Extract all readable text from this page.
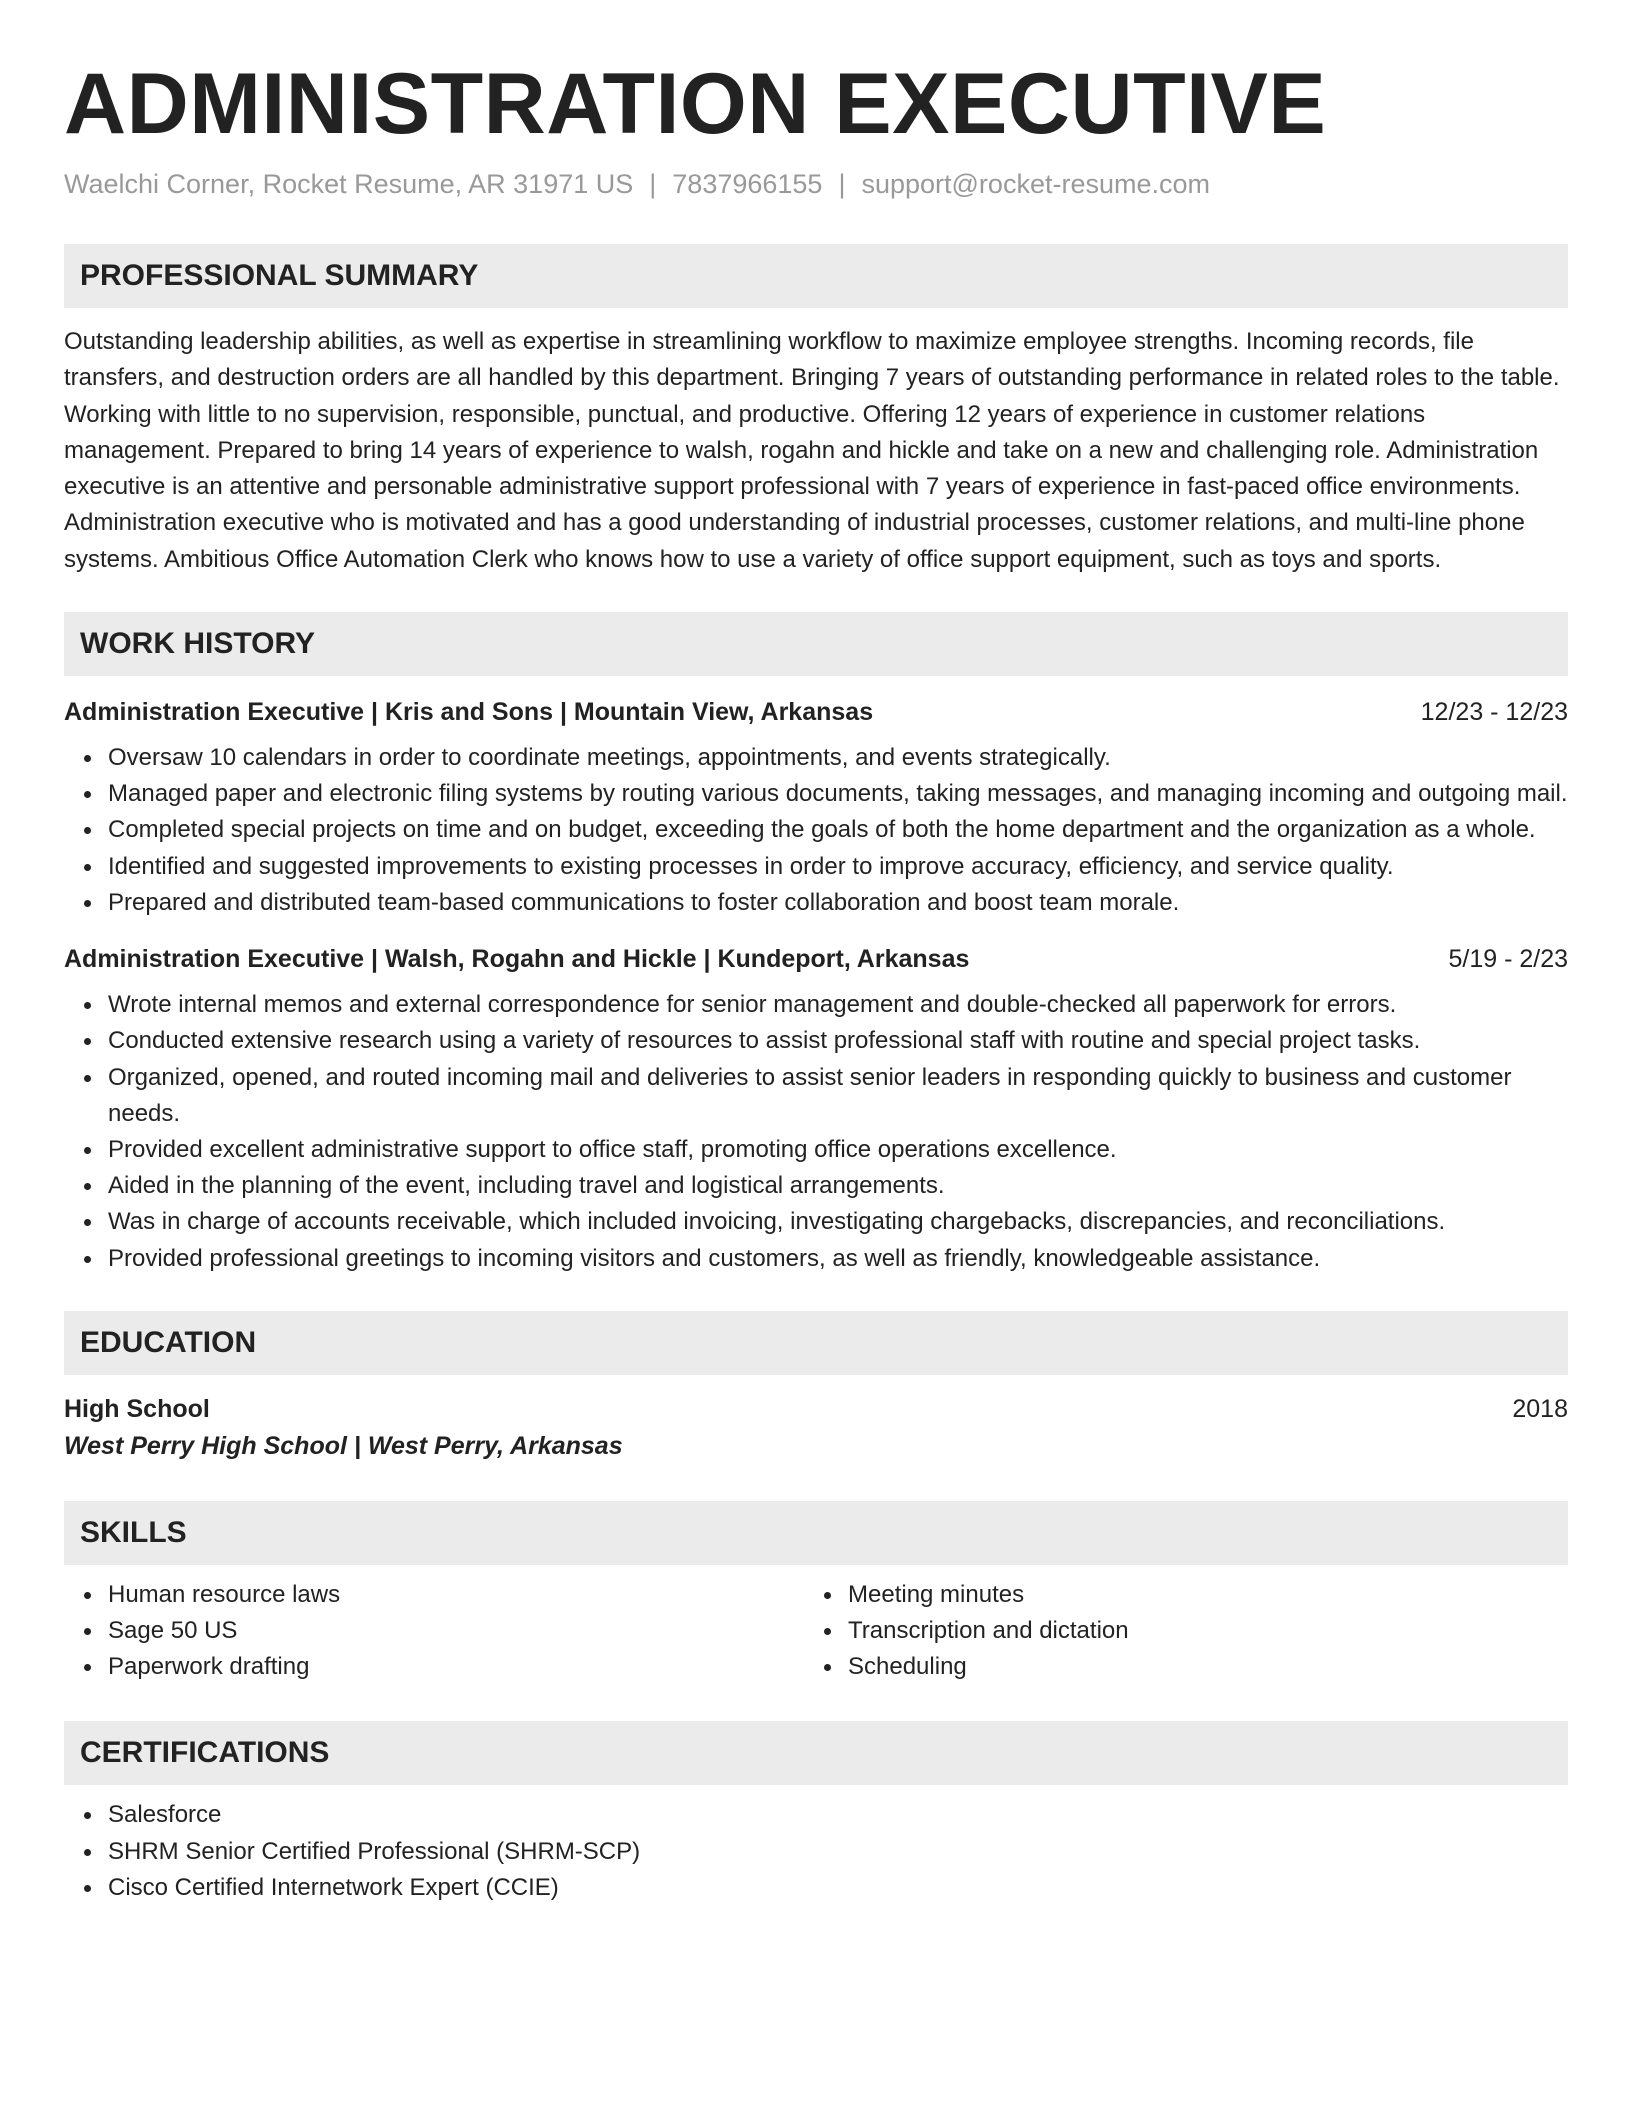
ADMINISTRATION EXECUTIVE
Waelchi Corner, Rocket Resume, AR 31971 US | 7837966155 | support@rocket-resume.com
PROFESSIONAL SUMMARY
Outstanding leadership abilities, as well as expertise in streamlining workflow to maximize employee strengths. Incoming records, file transfers, and destruction orders are all handled by this department. Bringing 7 years of outstanding performance in related roles to the table. Working with little to no supervision, responsible, punctual, and productive. Offering 12 years of experience in customer relations management. Prepared to bring 14 years of experience to walsh, rogahn and hickle and take on a new and challenging role. Administration executive is an attentive and personable administrative support professional with 7 years of experience in fast-paced office environments. Administration executive who is motivated and has a good understanding of industrial processes, customer relations, and multi-line phone systems. Ambitious Office Automation Clerk who knows how to use a variety of office support equipment, such as toys and sports.
WORK HISTORY
Administration Executive | Kris and Sons | Mountain View, Arkansas	12/23 - 12/23
Oversaw 10 calendars in order to coordinate meetings, appointments, and events strategically.
Managed paper and electronic filing systems by routing various documents, taking messages, and managing incoming and outgoing mail.
Completed special projects on time and on budget, exceeding the goals of both the home department and the organization as a whole.
Identified and suggested improvements to existing processes in order to improve accuracy, efficiency, and service quality.
Prepared and distributed team-based communications to foster collaboration and boost team morale.
Administration Executive | Walsh, Rogahn and Hickle | Kundeport, Arkansas	5/19 - 2/23
Wrote internal memos and external correspondence for senior management and double-checked all paperwork for errors.
Conducted extensive research using a variety of resources to assist professional staff with routine and special project tasks.
Organized, opened, and routed incoming mail and deliveries to assist senior leaders in responding quickly to business and customer needs.
Provided excellent administrative support to office staff, promoting office operations excellence.
Aided in the planning of the event, including travel and logistical arrangements.
Was in charge of accounts receivable, which included invoicing, investigating chargebacks, discrepancies, and reconciliations.
Provided professional greetings to incoming visitors and customers, as well as friendly, knowledgeable assistance.
EDUCATION
High School	2018
West Perry High School | West Perry, Arkansas
SKILLS
Human resource laws
Sage 50 US
Paperwork drafting
Meeting minutes
Transcription and dictation
Scheduling
CERTIFICATIONS
Salesforce
SHRM Senior Certified Professional (SHRM-SCP)
Cisco Certified Internetwork Expert (CCIE)
